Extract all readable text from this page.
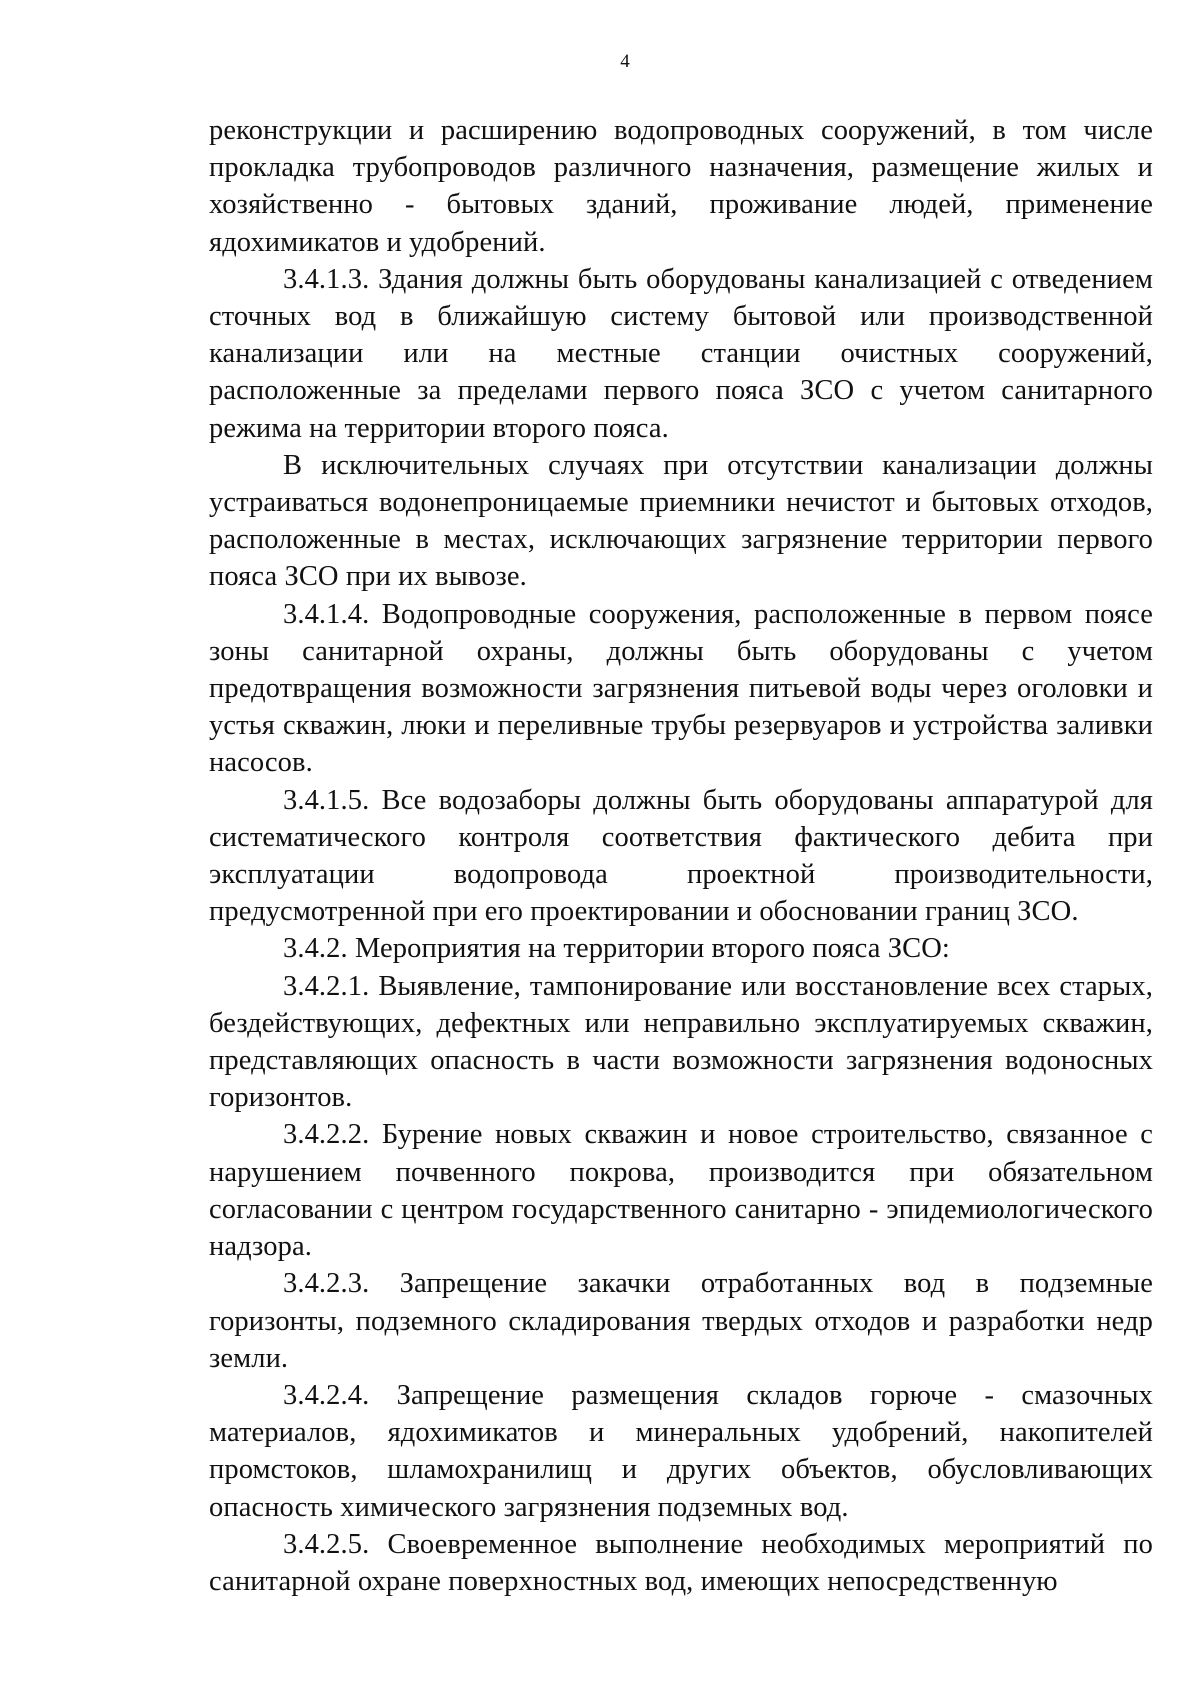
4

реконструкции и расширению водопроводных сооружений, в том числе прокладка трубопроводов различного назначения, размещение жилых и хозяйственно - бытовых зданий, проживание людей, применение ядохимикатов и удобрений.

3.4.1.3. Здания должны быть оборудованы канализацией с отведением сточных вод в ближайшую систему бытовой или производственной канализации или на местные станции очистных сооружений, расположенные за пределами первого пояса ЗСО с учетом санитарного режима на территории второго пояса.

В исключительных случаях при отсутствии канализации должны устраиваться водонепроницаемые приемники нечистот и бытовых отходов, расположенные в местах, исключающих загрязнение территории первого пояса ЗСО при их вывозе.

3.4.1.4. Водопроводные сооружения, расположенные в первом поясе зоны санитарной охраны, должны быть оборудованы с учетом предотвращения возможности загрязнения питьевой воды через оголовки и устья скважин, люки и переливные трубы резервуаров и устройства заливки насосов.

3.4.1.5. Все водозаборы должны быть оборудованы аппаратурой для систематического контроля соответствия фактического дебита при эксплуатации водопровода проектной производительности, предусмотренной при его проектировании и обосновании границ ЗСО.

3.4.2. Мероприятия на территории второго пояса ЗСО:

3.4.2.1. Выявление, тампонирование или восстановление всех старых, бездействующих, дефектных или неправильно эксплуатируемых скважин, представляющих опасность в части возможности загрязнения водоносных горизонтов.

3.4.2.2. Бурение новых скважин и новое строительство, связанное с нарушением почвенного покрова, производится при обязательном согласовании с центром государственного санитарно - эпидемиологического надзора.

3.4.2.3. Запрещение закачки отработанных вод в подземные горизонты, подземного складирования твердых отходов и разработки недр земли.

3.4.2.4. Запрещение размещения складов горюче - смазочных материалов, ядохимикатов и минеральных удобрений, накопителей промстоков, шламохранилищ и других объектов, обусловливающих опасность химического загрязнения подземных вод.

3.4.2.5. Своевременное выполнение необходимых мероприятий по санитарной охране поверхностных вод, имеющих непосредственную
